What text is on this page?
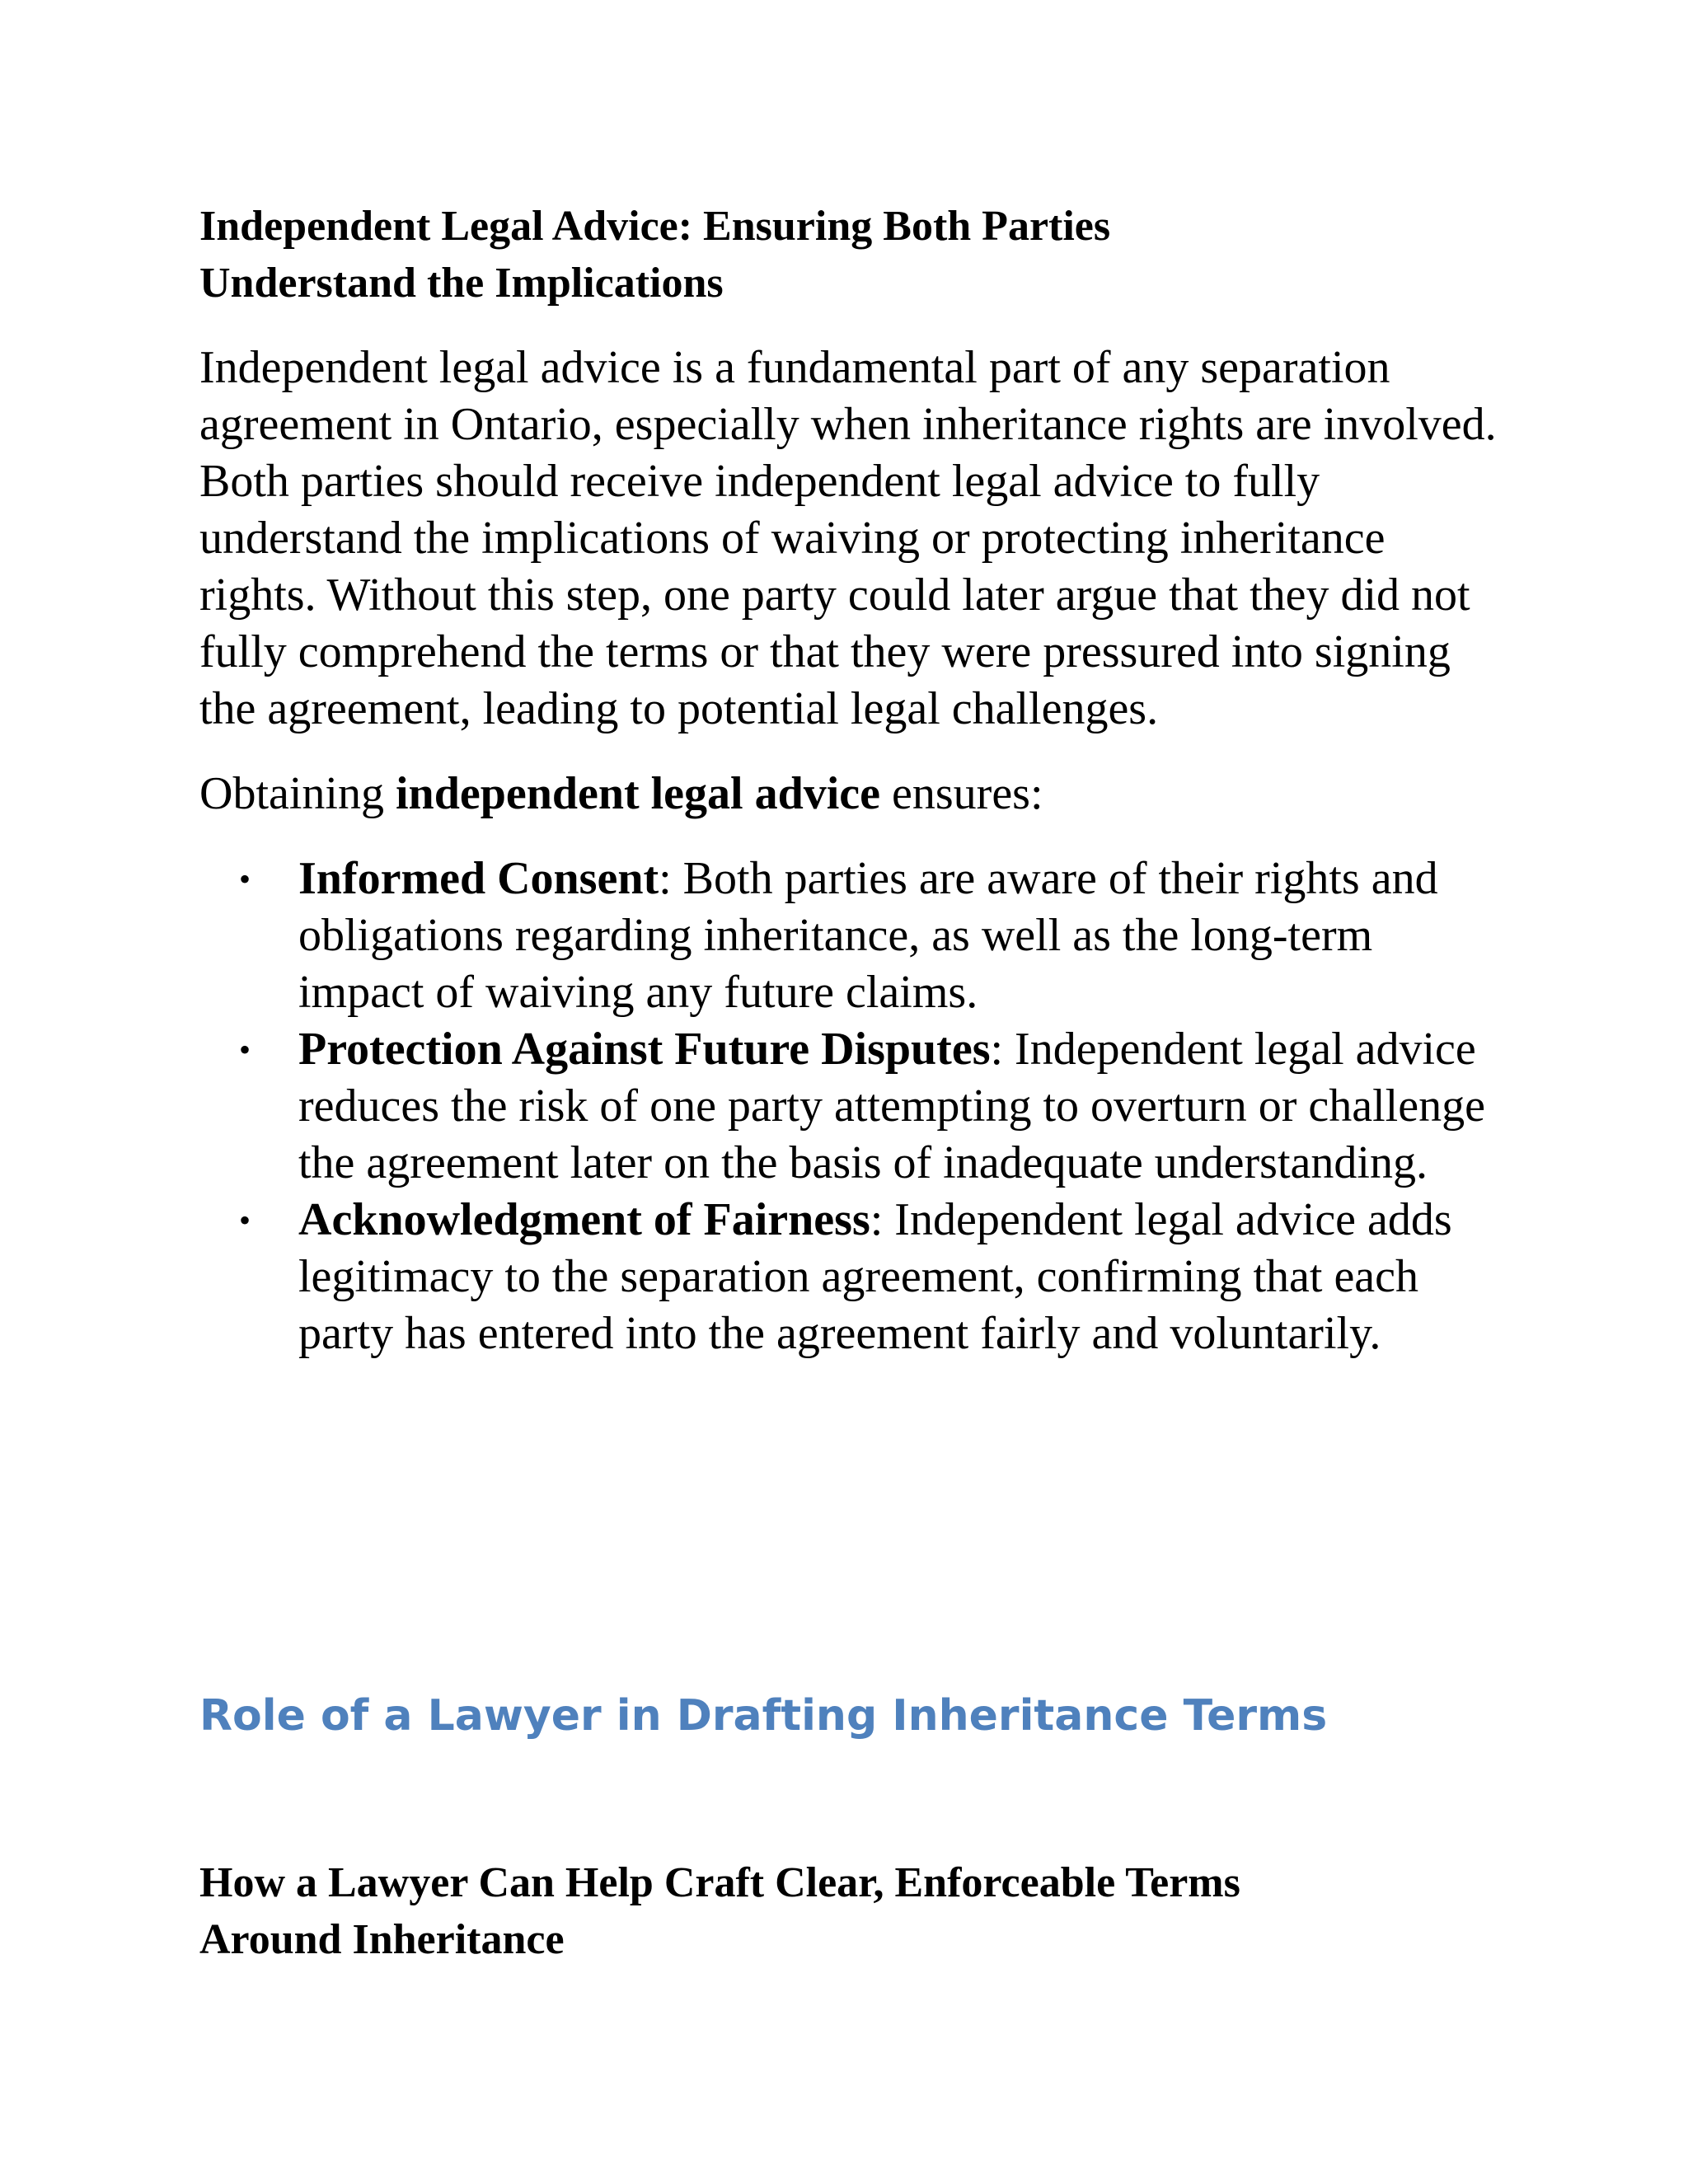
Independent Legal Advice: Ensuring Both Parties
Understand the Implications

Independent legal advice is a fundamental part of any separation agreement in Ontario, especially when inheritance rights are involved. Both parties should receive independent legal advice to fully understand the implications of waiving or protecting inheritance rights. Without this step, one party could later argue that they did not fully comprehend the terms or that they were pressured into signing the agreement, leading to potential legal challenges.

Obtaining independent legal advice ensures:

• Informed Consent: Both parties are aware of their rights and obligations regarding inheritance, as well as the long-term impact of waiving any future claims.
• Protection Against Future Disputes: Independent legal advice reduces the risk of one party attempting to overturn or challenge the agreement later on the basis of inadequate understanding.
• Acknowledgment of Fairness: Independent legal advice adds legitimacy to the separation agreement, confirming that each party has entered into the agreement fairly and voluntarily.
Role of a Lawyer in Drafting Inheritance Terms
How a Lawyer Can Help Craft Clear, Enforceable Terms
Around Inheritance
